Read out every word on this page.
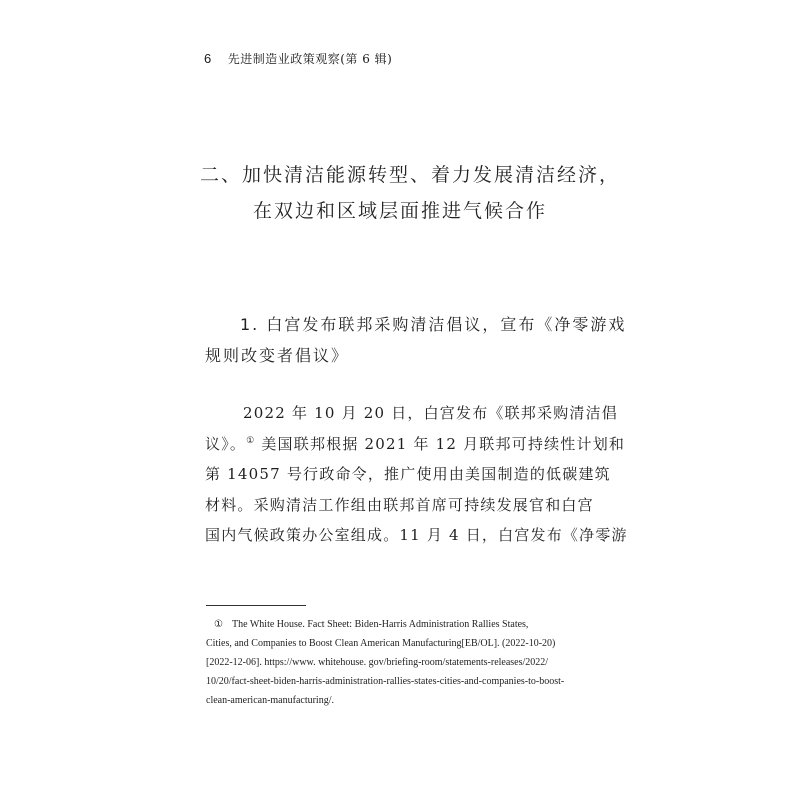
6 先进制造业政策观察(第 6 辑)
二、加快清洁能源转型、着力发展清洁经济，
在双边和区域层面推进气候合作
1. 白宫发布联邦采购清洁倡议，宣布《净零游戏
规则改变者倡议》
2022 年 10 月 20 日，白宫发布《联邦采购清洁倡
议》。① 美国联邦根据 2021 年 12 月联邦可持续性计划和
第 14057 号行政命令，推广使用由美国制造的低碳建筑
材料。采购清洁工作组由联邦首席可持续发展官和白宫
国内气候政策办公室组成。11 月 4 日，白宫发布《净零游
① The White House. Fact Sheet: Biden-Harris Administration Rallies States,
Cities, and Companies to Boost Clean American Manufacturing[EB/OL]. (2022-10-20)
[2022-12-06]. https://www. whitehouse. gov/briefing-room/statements-releases/2022/
10/20/fact-sheet-biden-harris-administration-rallies-states-cities-and-companies-to-boost-
clean-american-manufacturing/.
